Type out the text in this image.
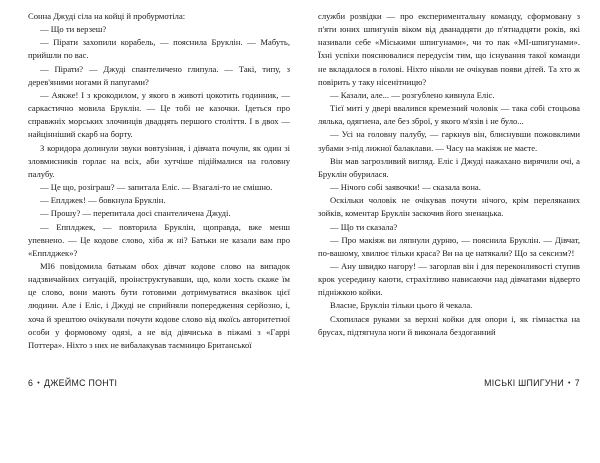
Сонна Джуді сіла на койці й пробурмотіла:

— Що ти верзеш?

— Пірати захопили корабель, — пояснила Бруклін. — Мабуть, прийшли по вас.

— Пірати? — Джуді спантеличено глипула. — Такі, типу, з дерев'яними ногами й папугами?

— Аякже! І з крокодилом, у якого в животі цокотить годинник, — саркастично мовила Бруклін. — Це тобі не казочки. Ідеться про справжніх морських злочинців двадцять першого століття. І в двох — найцінніший скарб на борту.

З коридора долинули звуки вовтузіння, і дівчата почули, як один зі зловмисників горлає на всіх, аби хутчіше підіймалися на головну палубу.

— Це що, розіграш? — запитала Еліс. — Взагалі-то не смішно.

— Еплджек! — бовкнула Бруклін.

— Прошу? — перепитала досі спантеличена Джуді.

— Епплджек, — повторила Бруклін, щоправда, вже менш упевнено. — Це кодове слово, хіба ж ні? Батьки не казали вам про «Епплджек»?

МІ6 повідомила батькам обох дівчат кодове слово на випадок надзвичайних ситуацій, проінструктувавши, що, коли хость скаже їм це слово, вони мають бути готовими дотримуватися вказівок цієї людини. Але і Еліс, і Джуді не сприйняли попередження серйозно, і, хоча й зрештою очікували почути кодове слово від якоїсь авторитетної особи у формовому одязі, а не від дівчиська в піжамі з «Гаррі Поттера». Ніхто з них не вибалакував таємницю Британської

6 • ДЖЕЙМС ПОНТІ

служби розвідки — про експериментальну команду, сформовану з п'яти юних шпигунів віком від дванадцяти до п'ятнадцяти років, які називали себе «Міськими шпигунами», чи то пак «МІ-шпигунами». Їхні успіхи пояснювалися передусім тим, що існування такої команди не вкладалося в голові. Ніхто ніколи не очікував появи дітей. Та хто ж повірить у таку нісенітницю?

— Казали, але... — розгублено кивнула Еліс.

Тієї миті у двері ввалився кремезний чоловік — така собі стоцьова лялька, одягнена, але без зброї, у якого м'язів і не було...

— Усі на головну палубу, — гаркнув він, блиснувши пожовклими зубами з-під лижної балаклави. — Часу на макіяж не маєте.

Він мав загрозливий вигляд. Еліс і Джуді нажахано вирячили очі, а Бруклін обурилася.

— Нічого собі заявочки! — сказала вона.

Оскільки чоловік не очікував почути нічого, крім переляканих зойків, коментар Бруклін заскочив його зненацька.

— Що ти сказала?

— Про макіяж ви ляпнули дурню, — пояснила Бруклін. — Дівчат, по-вашому, хвилює тільки краса? Ви на це натякали? Що за сексизм?!

— Ану швидко нагору! — загорлав він і для переконливості ступив крок усередину каюти, страхітливо нависаючи над дівчатами відверто підніжкою койки.

Власне, Бруклін тільки цього й чекала.

Схопилася руками за верхні койки для опори і, як гімнастка на брусах, підтягнула ноги й виконала бездоганний

МІСЬКІ ШПИГУНИ • 7
